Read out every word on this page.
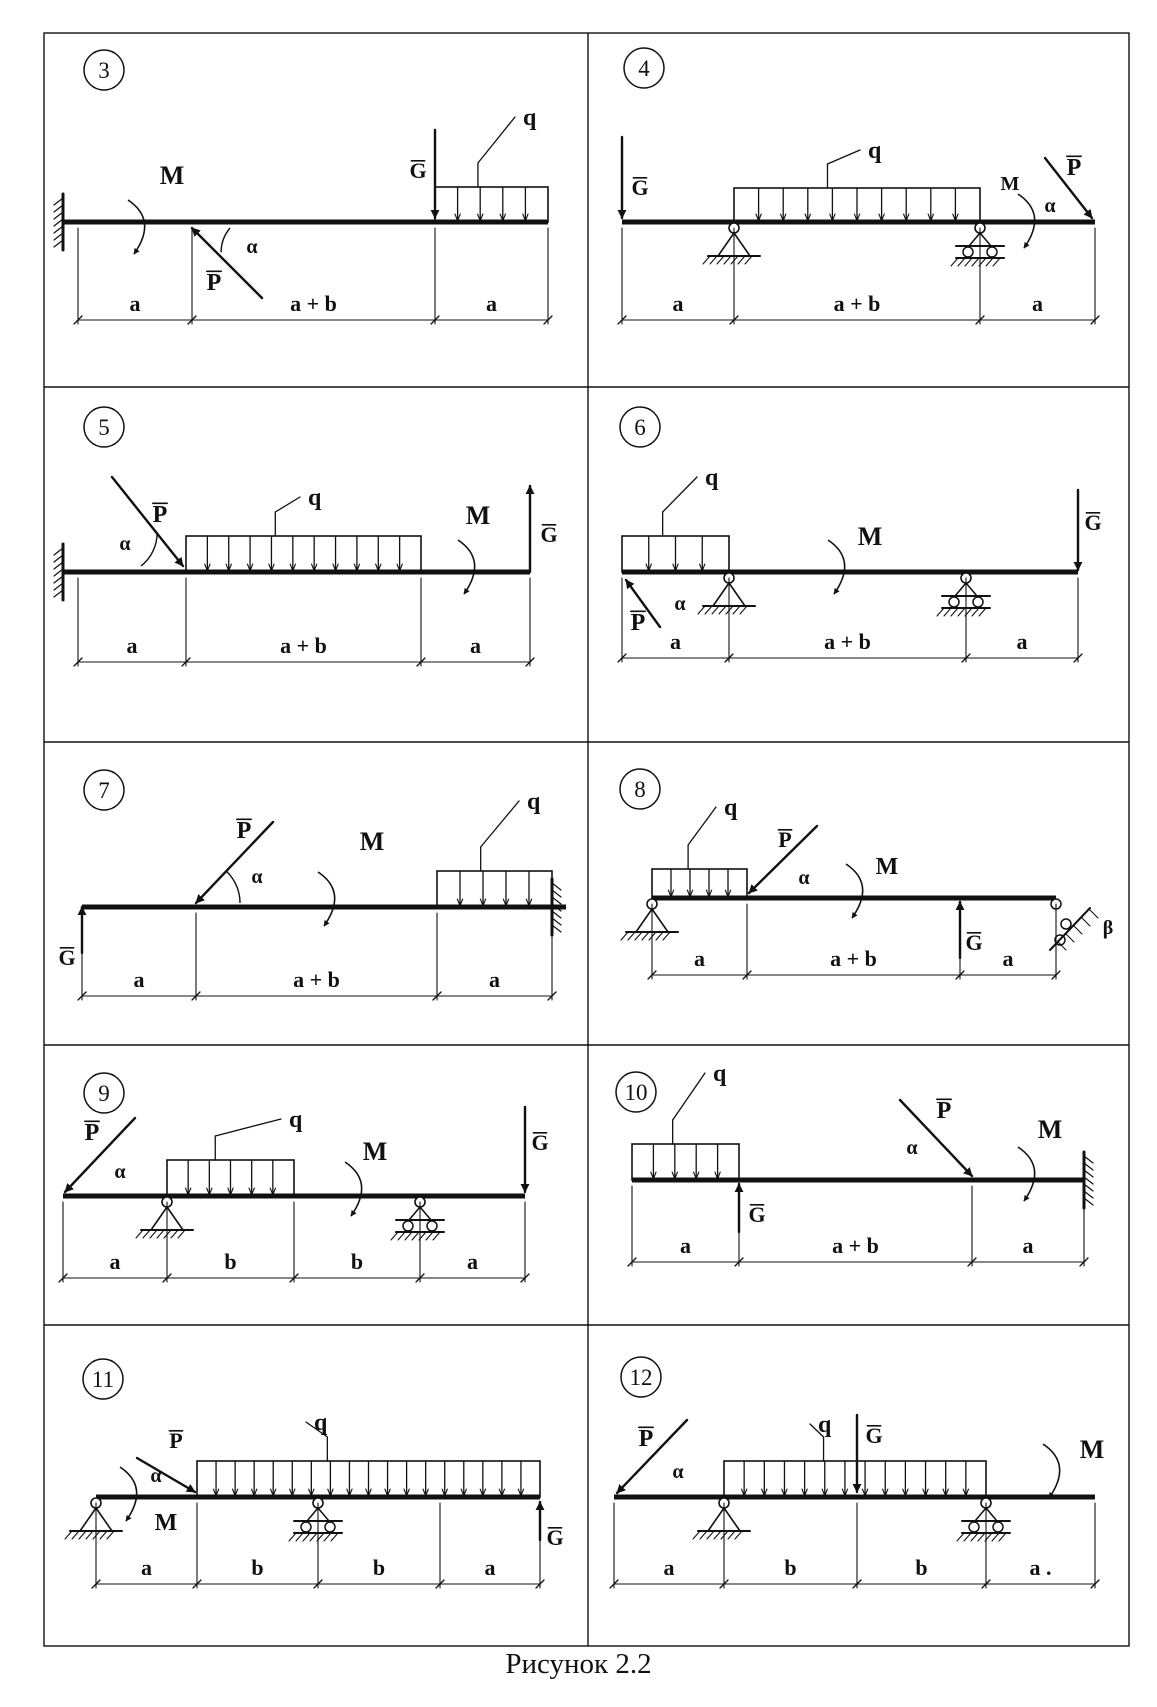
3
q
G
P
α
M
a	a + b	a
4
q
G
P
α
M
a	a + b	a
5
q
P
α
M
G
a	a + b	a
6
q
P
α
M	G
a	a + b	a
7	q
G
P
α
M
a	a + b	a
8
q
P
α	M
G
β
a	a + b	a
9
q
P
α
M	G
a	b	b	a
10
q
G
P
α
M
a	a + b	a
11
q
P
α
M
G
a	b	b	a
12
q G
P
α
M
a	b	b	a .
Рисунок 2.2
